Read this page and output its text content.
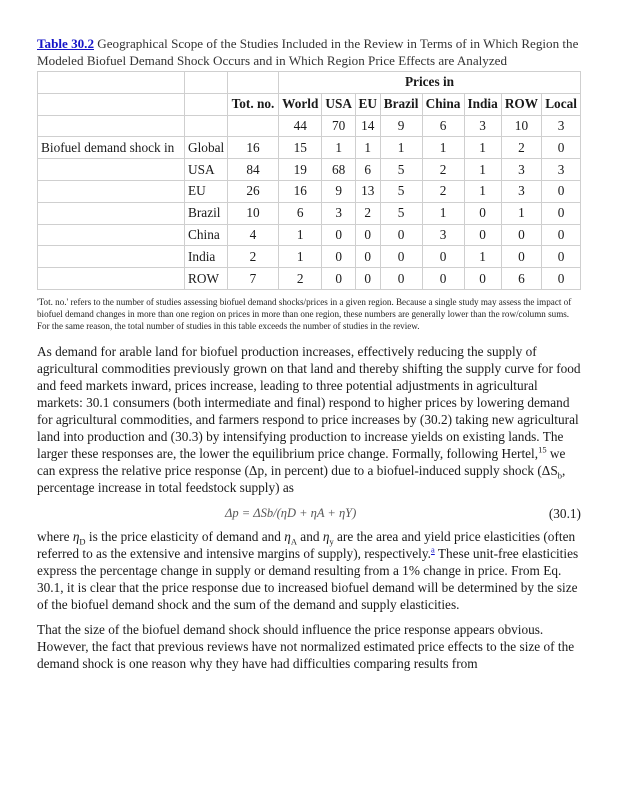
Table 30.2 Geographical Scope of the Studies Included in the Review in Terms of in Which Region the Modeled Biofuel Demand Shock Occurs and in Which Region Price Effects are Analyzed

			Prices in							
		Tot. no.	World	USA	EU	Brazil	China	India	ROW	Local
			44	70	14	9	6	3	10	3
Biofuel demand shock in	Global	16	15	1	1	1	1	1	2	0
	USA	84	19	68	6	5	2	1	3	3
	EU	26	16	9	13	5	2	1	3	0
	Brazil	10	6	3	2	5	1	0	1	0
	China	4	1	0	0	0	3	0	0	0
	India	2	1	0	0	0	0	1	0	0
	ROW	7	2	0	0	0	0	0	6	0

'Tot. no.' refers to the number of studies assessing biofuel demand shocks/prices in a given region. Because a single study may assess the impact of biofuel demand changes in more than one region on prices in more than one region, these numbers are generally lower than the row/column sums. For the same reason, the total number of studies in this table exceeds the number of studies in the review.

As demand for arable land for biofuel production increases, effectively reducing the supply of agricultural commodities previously grown on that land and thereby shifting the supply curve for food and feed markets inward, prices increase, leading to three potential adjustments in agricultural markets: 30.1 consumers (both intermediate and final) respond to higher prices by lowering demand for agricultural commodities, and farmers respond to price increases by (30.2) taking new agricultural land into production and (30.3) by intensifying production to increase yields on existing lands. The larger these responses are, the lower the equilibrium price change. Formally, following Hertel,$^{15}$ we can express the relative price response (Δp, in percent) due to a biofuel-induced supply shock ($\Delta S_b$, percentage increase in total feedstock supply) as

Δp = ΔSb/(ηD + ηA + ηY)	(30.1)

where $\eta_D$ is the price elasticity of demand and $\eta_A$ and $\eta_y$ are the area and yield price elasticities (often referred to as the extensive and intensive margins of supply), respectively.$^a$ These unit-free elasticities express the percentage change in supply or demand resulting from a 1% change in price. From Eq. 30.1, it is clear that the price response due to increased biofuel demand will be determined by the size of the biofuel demand shock and the sum of the demand and supply elasticities.

That the size of the biofuel demand shock should influence the price response appears obvious. However, the fact that previous reviews have not normalized estimated price effects to the size of the demand shock is one reason why they have had difficulties comparing results from
